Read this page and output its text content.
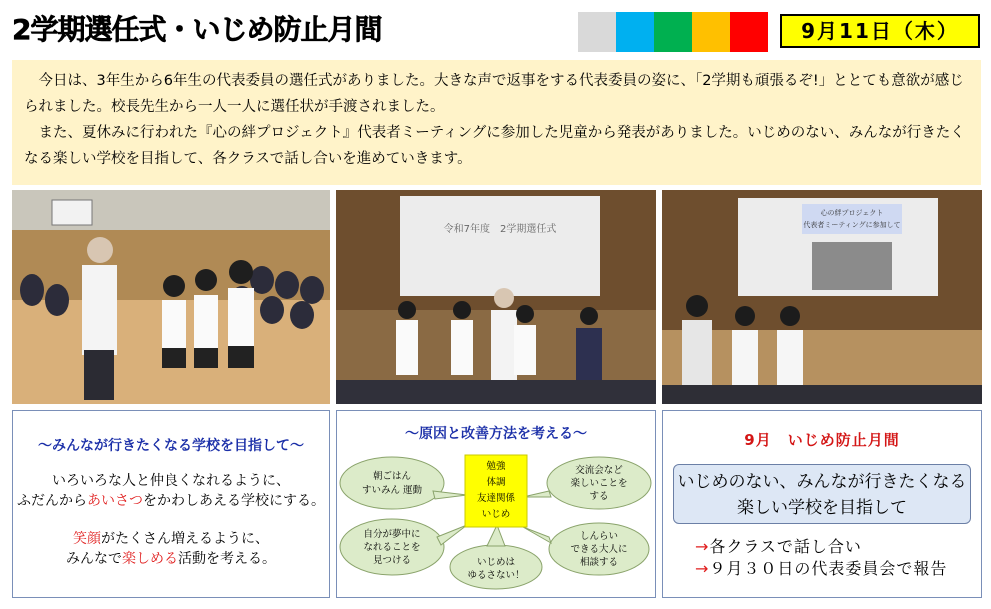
2学期選任式・いじめ防止月間	9月11日（木）

今日は、3年生から6年生の代表委員の選任式がありました。大きな声で返事をする代表委員の姿に、「2学期も頑張るぞ!」ととても意欲が感じられました。校長先生から一人一人に選任状が手渡されました。

また、夏休みに行われた『心の絆プロジェクト』代表者ミーティングに参加した児童から発表がありました。いじめのない、みんなが行きたくなる楽しい学校を目指して、各クラスで話し合いを進めていきます。

令和7年度　2学期選任式
心の絆プロジェクト
代表者ミーティングに参加して
～みんなが行きたくなる学校を目指して～
いろいろな人と仲良くなれるように、
ふだんからあいさつをかわしあえる学校にする。
笑顔がたくさん増えるように、
みんなで楽しめる活動を考える。
～原因と改善方法を考える～
勉強
体調
友達関係
いじめ
朝ごはん
すいみん 運動
交流会など
楽しいことを
する
自分が夢中に
なれることを
見つける	いじめは
ゆるさない！
しんらい
できる大人に
相談する
9月　いじめ防止月間
いじめのない、みんなが行きたくなる
楽しい学校を目指して
→各クラスで話し合い
→９月３０日の代表委員会で報告
